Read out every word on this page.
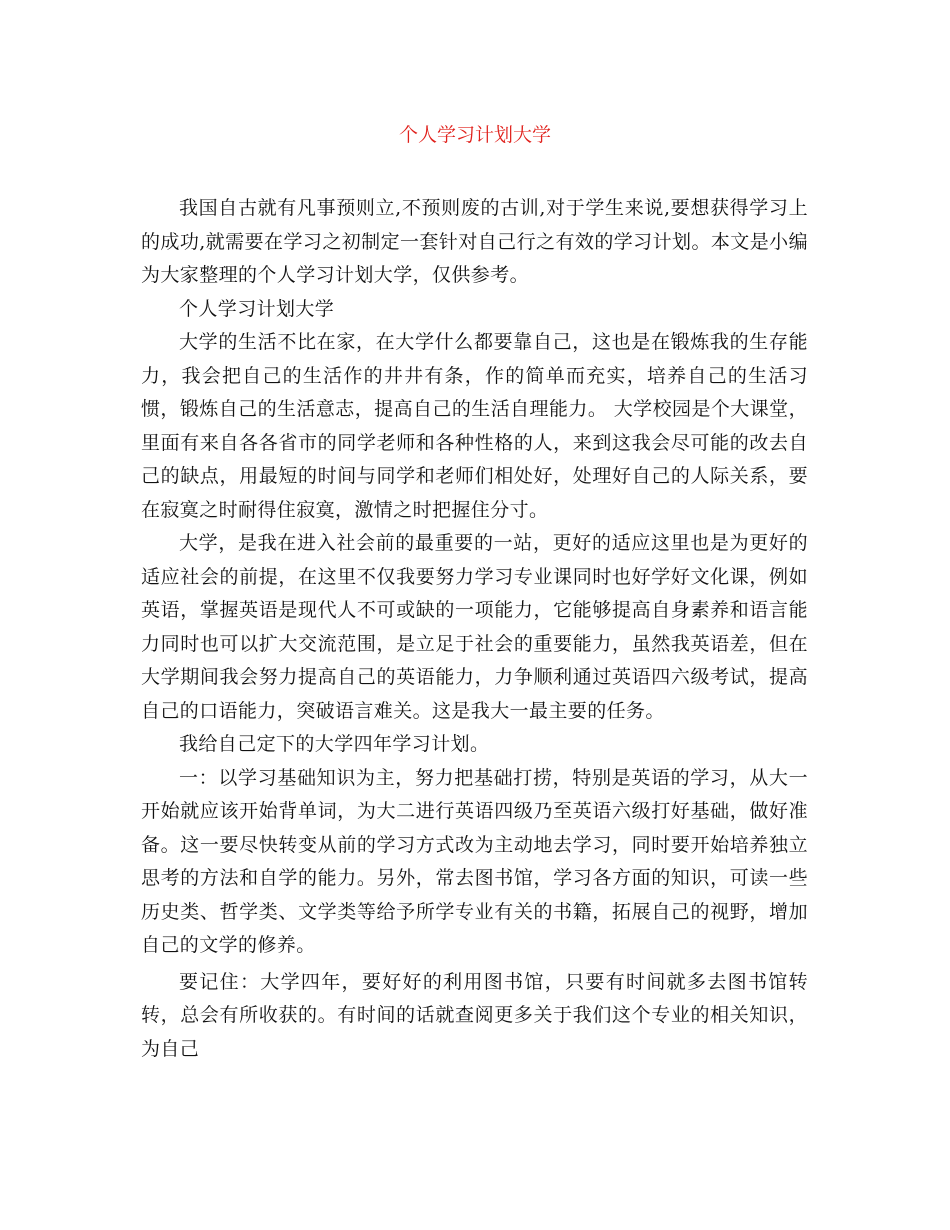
个人学习计划大学

我国自古就有凡事预则立,不预则废的古训,对于学生来说,要想获得学习上的成功,就需要在学习之初制定一套针对自己行之有效的学习计划。本文是小编为大家整理的个人学习计划大学，仅供参考。

个人学习计划大学

大学的生活不比在家，在大学什么都要靠自己，这也是在锻炼我的生存能力，我会把自己的生活作的井井有条，作的简单而充实，培养自己的生活习惯，锻炼自己的生活意志，提高自己的生活自理能力。 大学校园是个大课堂，里面有来自各各省市的同学老师和各种性格的人，来到这我会尽可能的改去自己的缺点，用最短的时间与同学和老师们相处好，处理好自己的人际关系，要在寂寞之时耐得住寂寞，激情之时把握住分寸。

大学，是我在进入社会前的最重要的一站，更好的适应这里也是为更好的适应社会的前提，在这里不仅我要努力学习专业课同时也好学好文化课，例如英语，掌握英语是现代人不可或缺的一项能力，它能够提高自身素养和语言能力同时也可以扩大交流范围，是立足于社会的重要能力，虽然我英语差，但在大学期间我会努力提高自己的英语能力，力争顺利通过英语四六级考试，提高自己的口语能力，突破语言难关。这是我大一最主要的任务。

我给自己定下的大学四年学习计划。

一：以学习基础知识为主，努力把基础打捞，特别是英语的学习，从大一开始就应该开始背单词，为大二进行英语四级乃至英语六级打好基础，做好准备。这一要尽快转变从前的学习方式改为主动地去学习，同时要开始培养独立思考的方法和自学的能力。另外，常去图书馆，学习各方面的知识，可读一些历史类、哲学类、文学类等给予所学专业有关的书籍，拓展自己的视野，增加自己的文学的修养。

要记住：大学四年，要好好的利用图书馆，只要有时间就多去图书馆转转，总会有所收获的。有时间的话就查阅更多关于我们这个专业的相关知识，为自己
